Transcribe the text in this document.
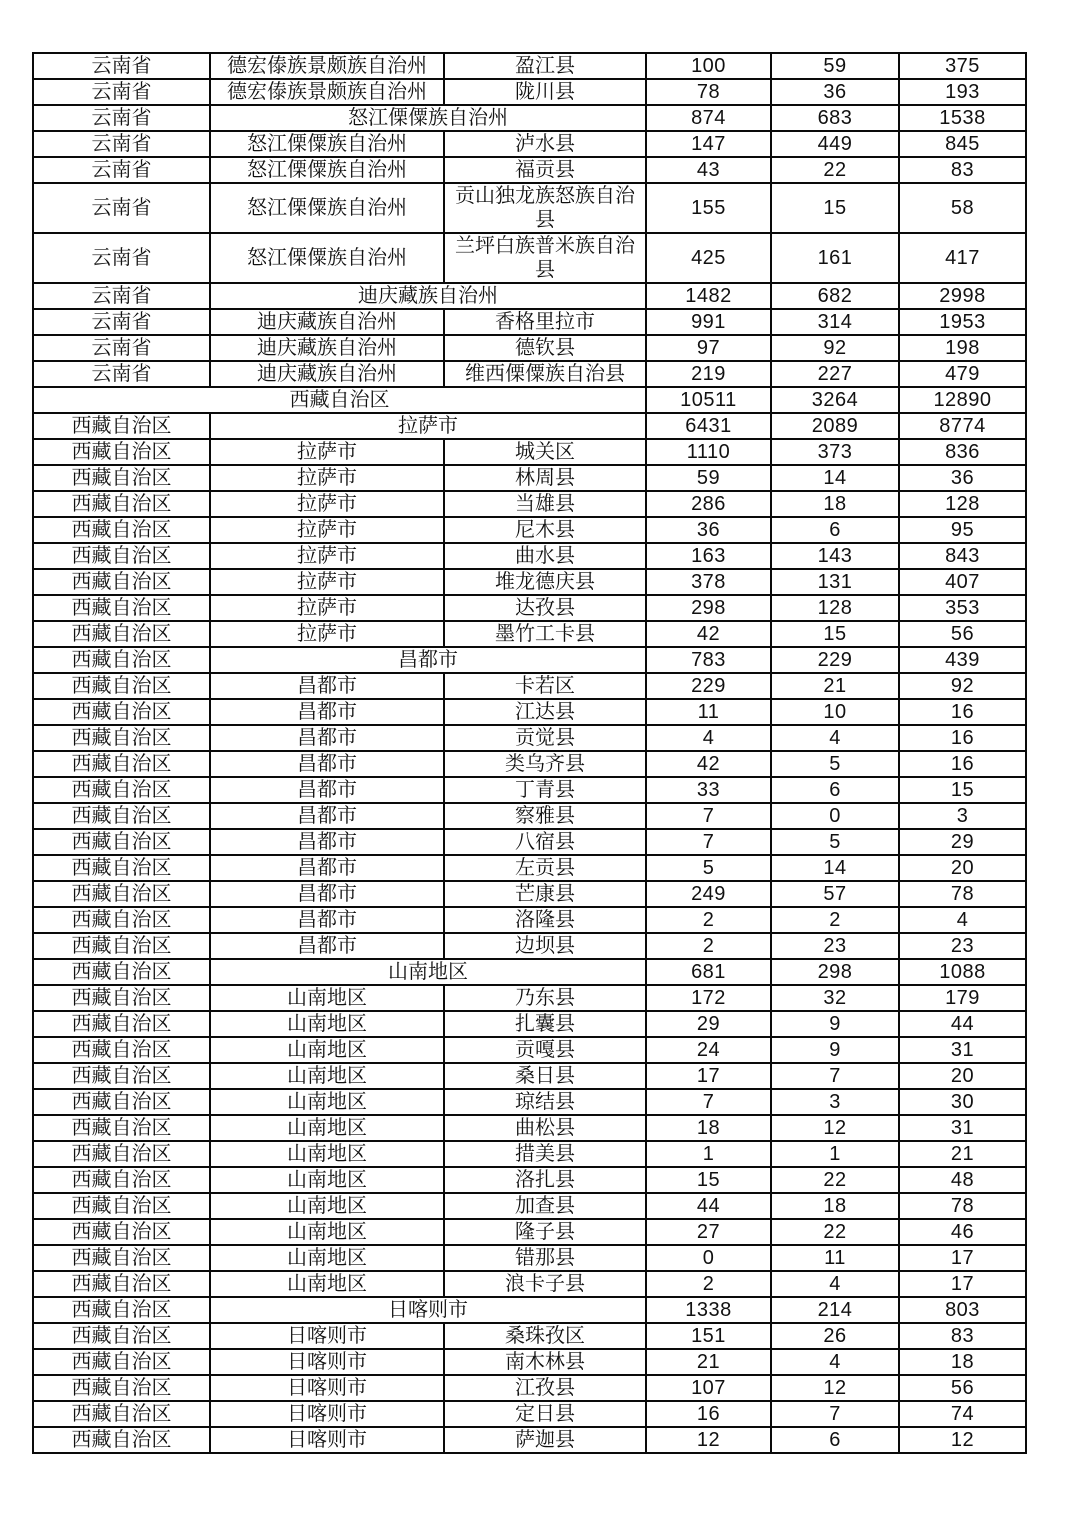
云南省	德宏傣族景颇族自治州	盈江县	100	59	375
云南省	德宏傣族景颇族自治州	陇川县	78	36	193
云南省	怒江傈僳族自治州		874	683	1538
云南省	怒江傈僳族自治州	泸水县	147	449	845
云南省	怒江傈僳族自治州	福贡县	43	22	83
云南省	怒江傈僳族自治州	贡山独龙族怒族自治县	155	15	58
云南省	怒江傈僳族自治州	兰坪白族普米族自治县	425	161	417
云南省	迪庆藏族自治州		1482	682	2998
云南省	迪庆藏族自治州	香格里拉市	991	314	1953
云南省	迪庆藏族自治州	德钦县	97	92	198
云南省	迪庆藏族自治州	维西傈僳族自治县	219	227	479
西藏自治区			10511	3264	12890
西藏自治区	拉萨市		6431	2089	8774
西藏自治区	拉萨市	城关区	1110	373	836
西藏自治区	拉萨市	林周县	59	14	36
西藏自治区	拉萨市	当雄县	286	18	128
西藏自治区	拉萨市	尼木县	36	6	95
西藏自治区	拉萨市	曲水县	163	143	843
西藏自治区	拉萨市	堆龙德庆县	378	131	407
西藏自治区	拉萨市	达孜县	298	128	353
西藏自治区	拉萨市	墨竹工卡县	42	15	56
西藏自治区	昌都市		783	229	439
西藏自治区	昌都市	卡若区	229	21	92
西藏自治区	昌都市	江达县	11	10	16
西藏自治区	昌都市	贡觉县	4	4	16
西藏自治区	昌都市	类乌齐县	42	5	16
西藏自治区	昌都市	丁青县	33	6	15
西藏自治区	昌都市	察雅县	7	0	3
西藏自治区	昌都市	八宿县	7	5	29
西藏自治区	昌都市	左贡县	5	14	20
西藏自治区	昌都市	芒康县	249	57	78
西藏自治区	昌都市	洛隆县	2	2	4
西藏自治区	昌都市	边坝县	2	23	23
西藏自治区	山南地区		681	298	1088
西藏自治区	山南地区	乃东县	172	32	179
西藏自治区	山南地区	扎囊县	29	9	44
西藏自治区	山南地区	贡嘎县	24	9	31
西藏自治区	山南地区	桑日县	17	7	20
西藏自治区	山南地区	琼结县	7	3	30
西藏自治区	山南地区	曲松县	18	12	31
西藏自治区	山南地区	措美县	1	1	21
西藏自治区	山南地区	洛扎县	15	22	48
西藏自治区	山南地区	加查县	44	18	78
西藏自治区	山南地区	隆子县	27	22	46
西藏自治区	山南地区	错那县	0	11	17
西藏自治区	山南地区	浪卡子县	2	4	17
西藏自治区	日喀则市		1338	214	803
西藏自治区	日喀则市	桑珠孜区	151	26	83
西藏自治区	日喀则市	南木林县	21	4	18
西藏自治区	日喀则市	江孜县	107	12	56
西藏自治区	日喀则市	定日县	16	7	74
西藏自治区	日喀则市	萨迦县	12	6	12
